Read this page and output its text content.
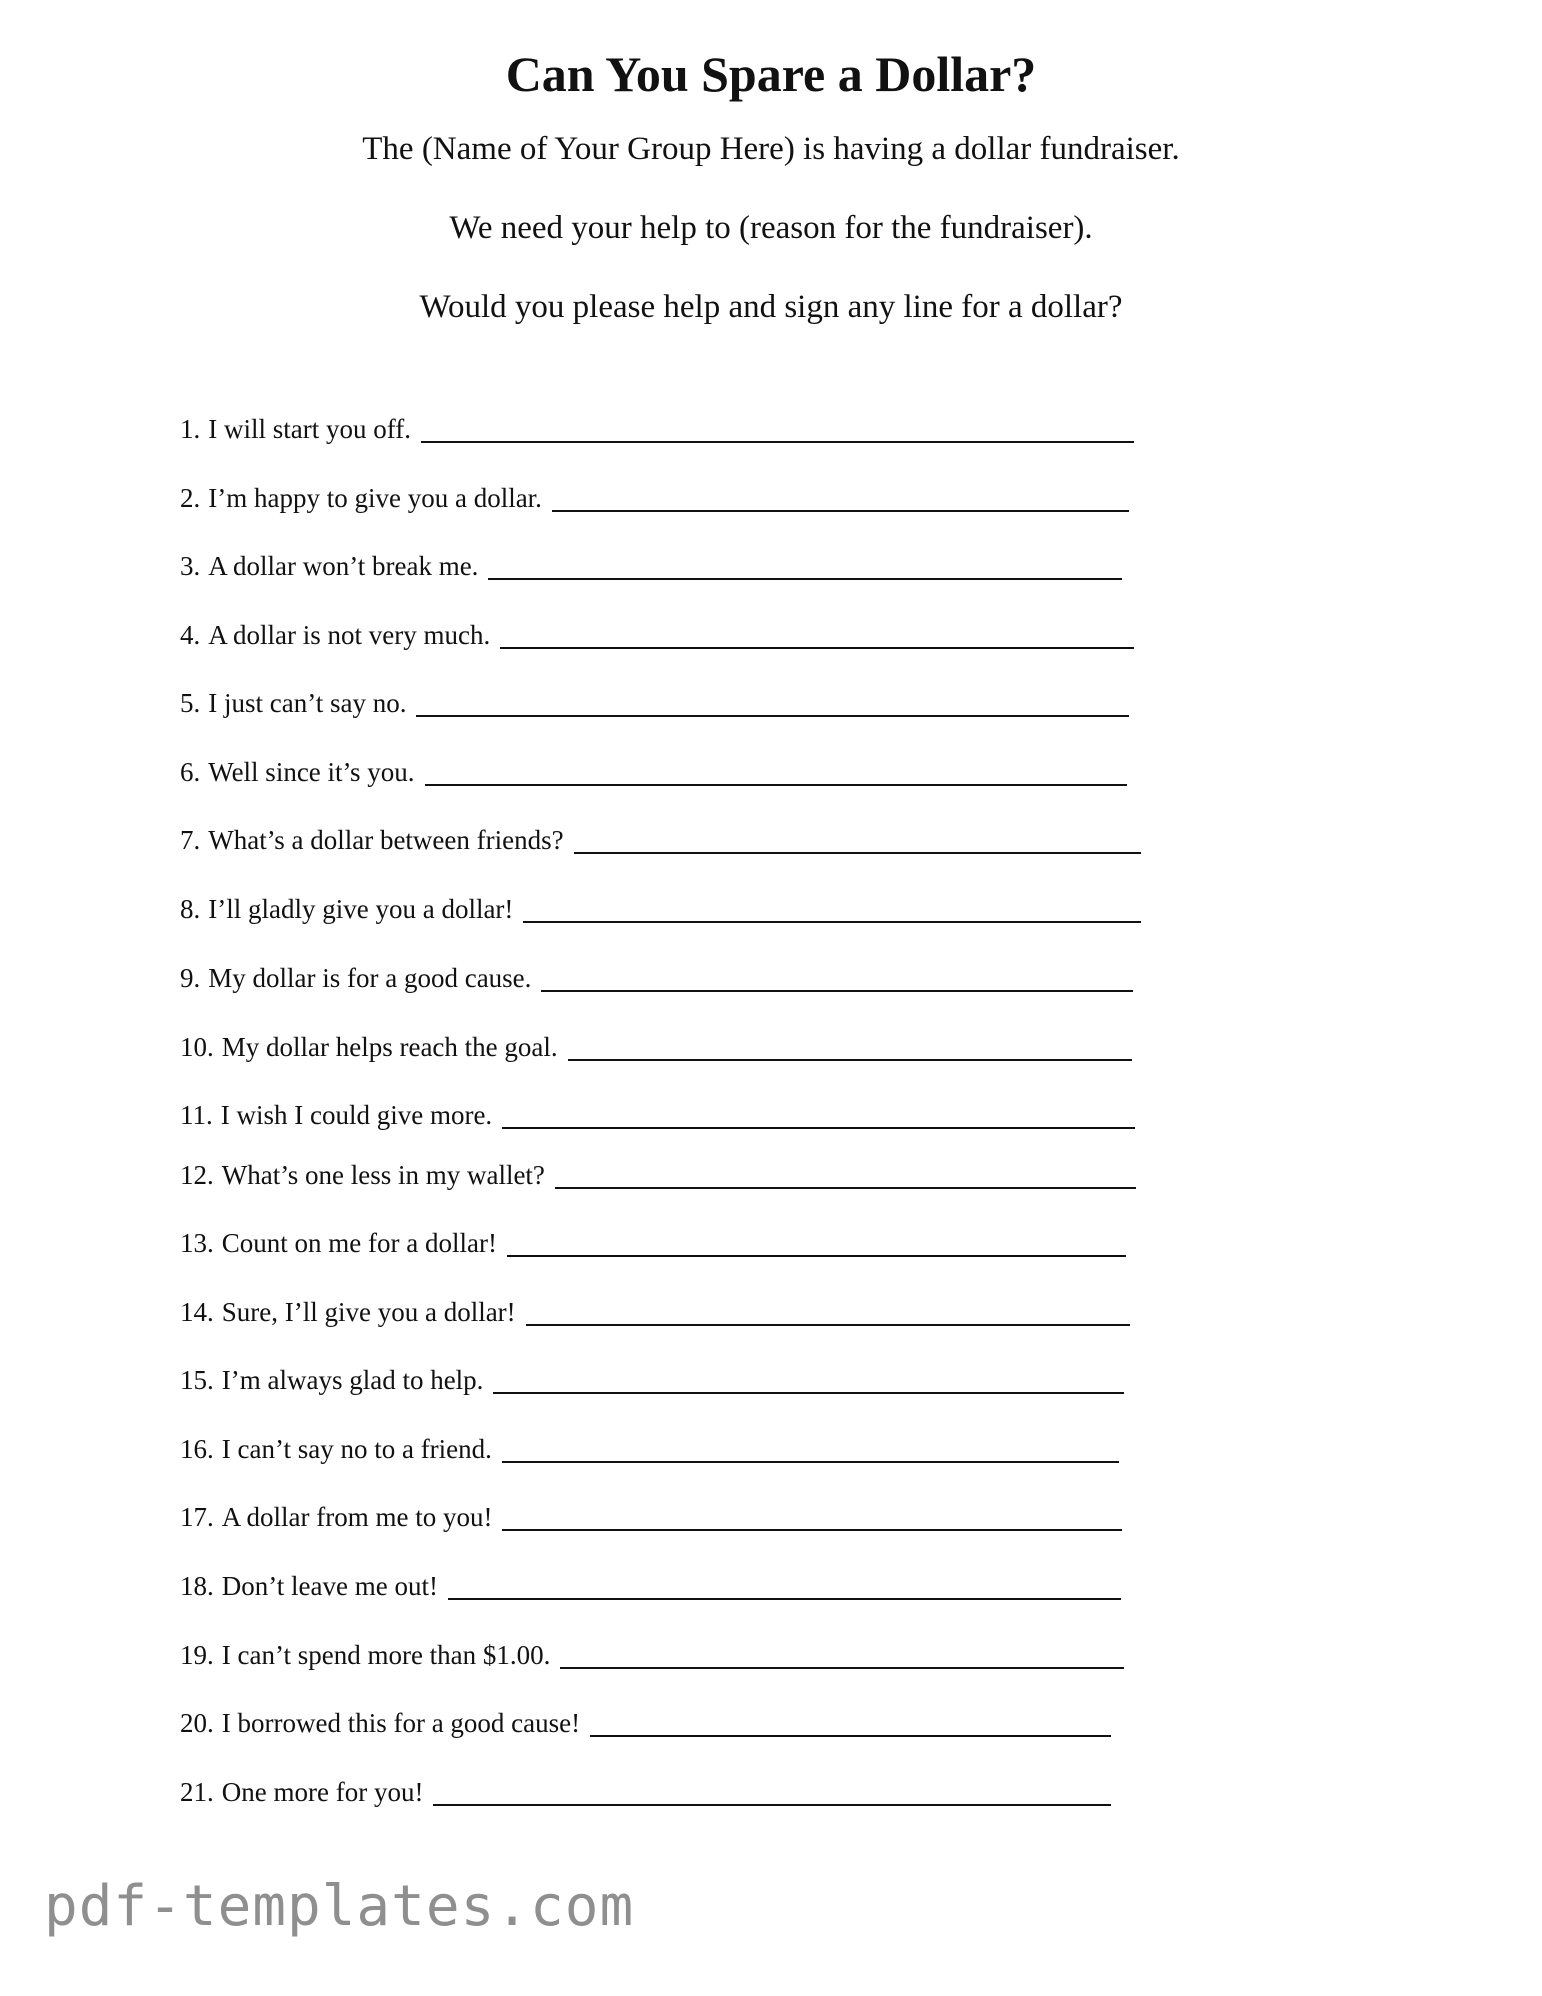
Can You Spare a Dollar?

The (Name of Your Group Here) is having a dollar fundraiser.

We need your help to (reason for the fundraiser).

Would you please help and sign any line for a dollar?

1. I will start you off.
2. I’m happy to give you a dollar.
3. A dollar won’t break me.
4. A dollar is not very much.
5. I just can’t say no.
6. Well since it’s you.
7. What’s a dollar between friends?
8. I’ll gladly give you a dollar!
9. My dollar is for a good cause.
10. My dollar helps reach the goal.
11. I wish I could give more.
12. What’s one less in my wallet?
13. Count on me for a dollar!
14. Sure, I’ll give you a dollar!
15. I’m always glad to help.
16. I can’t say no to a friend.
17. A dollar from me to you!
18. Don’t leave me out!
19. I can’t spend more than $1.00.
20. I borrowed this for a good cause!
21. One more for you!

pdf-templates.com
